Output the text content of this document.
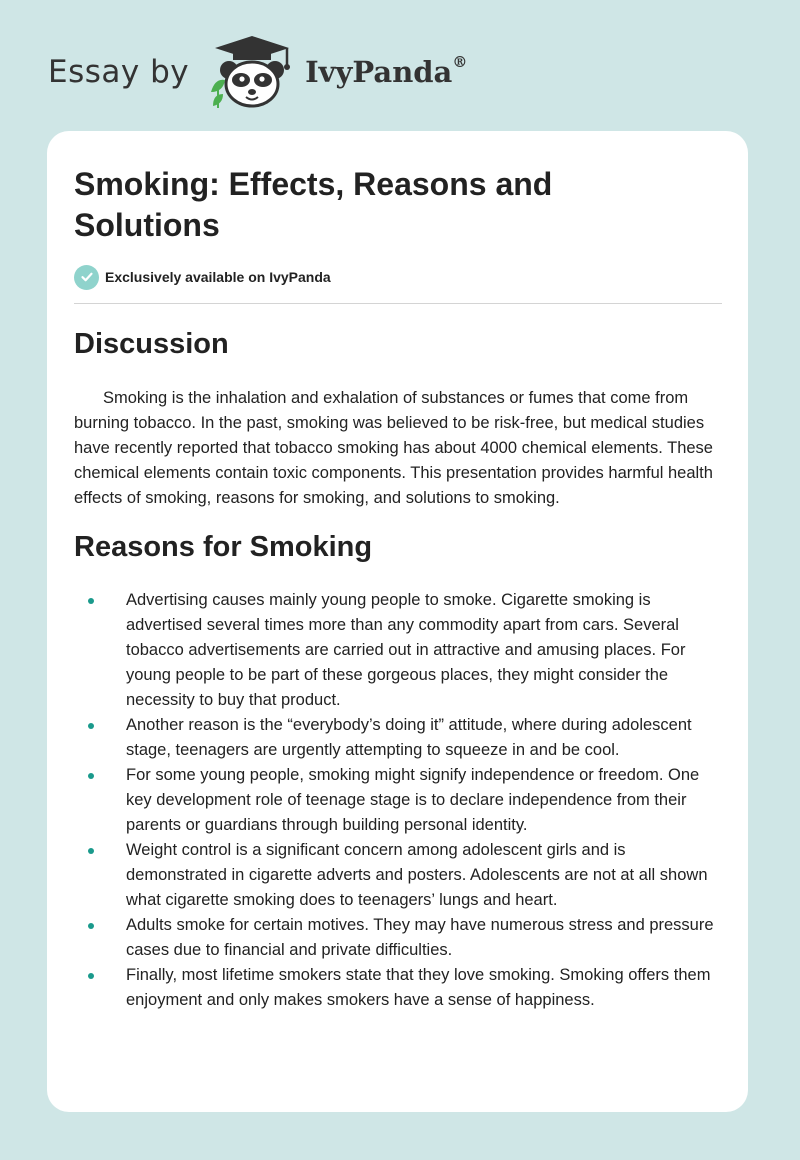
Essay by	IvyPanda®
Smoking: Effects, Reasons and Solutions
Exclusively available on IvyPanda
Discussion

Smoking is the inhalation and exhalation of substances or fumes that come from burning tobacco. In the past, smoking was believed to be risk-free, but medical studies have recently reported that tobacco smoking has about 4000 chemical elements. These chemical elements contain toxic components. This presentation provides harmful health effects of smoking, reasons for smoking, and solutions to smoking.

Reasons for Smoking
Advertising causes mainly young people to smoke. Cigarette smoking is advertised several times more than any commodity apart from cars. Several tobacco advertisements are carried out in attractive and amusing places. For young people to be part of these gorgeous places, they might consider the necessity to buy that product.
Another reason is the “everybody’s doing it” attitude, where during adolescent stage, teenagers are urgently attempting to squeeze in and be cool.
For some young people, smoking might signify independence or freedom. One key development role of teenage stage is to declare independence from their parents or guardians through building personal identity.
Weight control is a significant concern among adolescent girls and is demonstrated in cigarette adverts and posters. Adolescents are not at all shown what cigarette smoking does to teenagers’ lungs and heart.
Adults smoke for certain motives. They may have numerous stress and pressure cases due to financial and private difficulties.
Finally, most lifetime smokers state that they love smoking. Smoking offers them enjoyment and only makes smokers have a sense of happiness.
